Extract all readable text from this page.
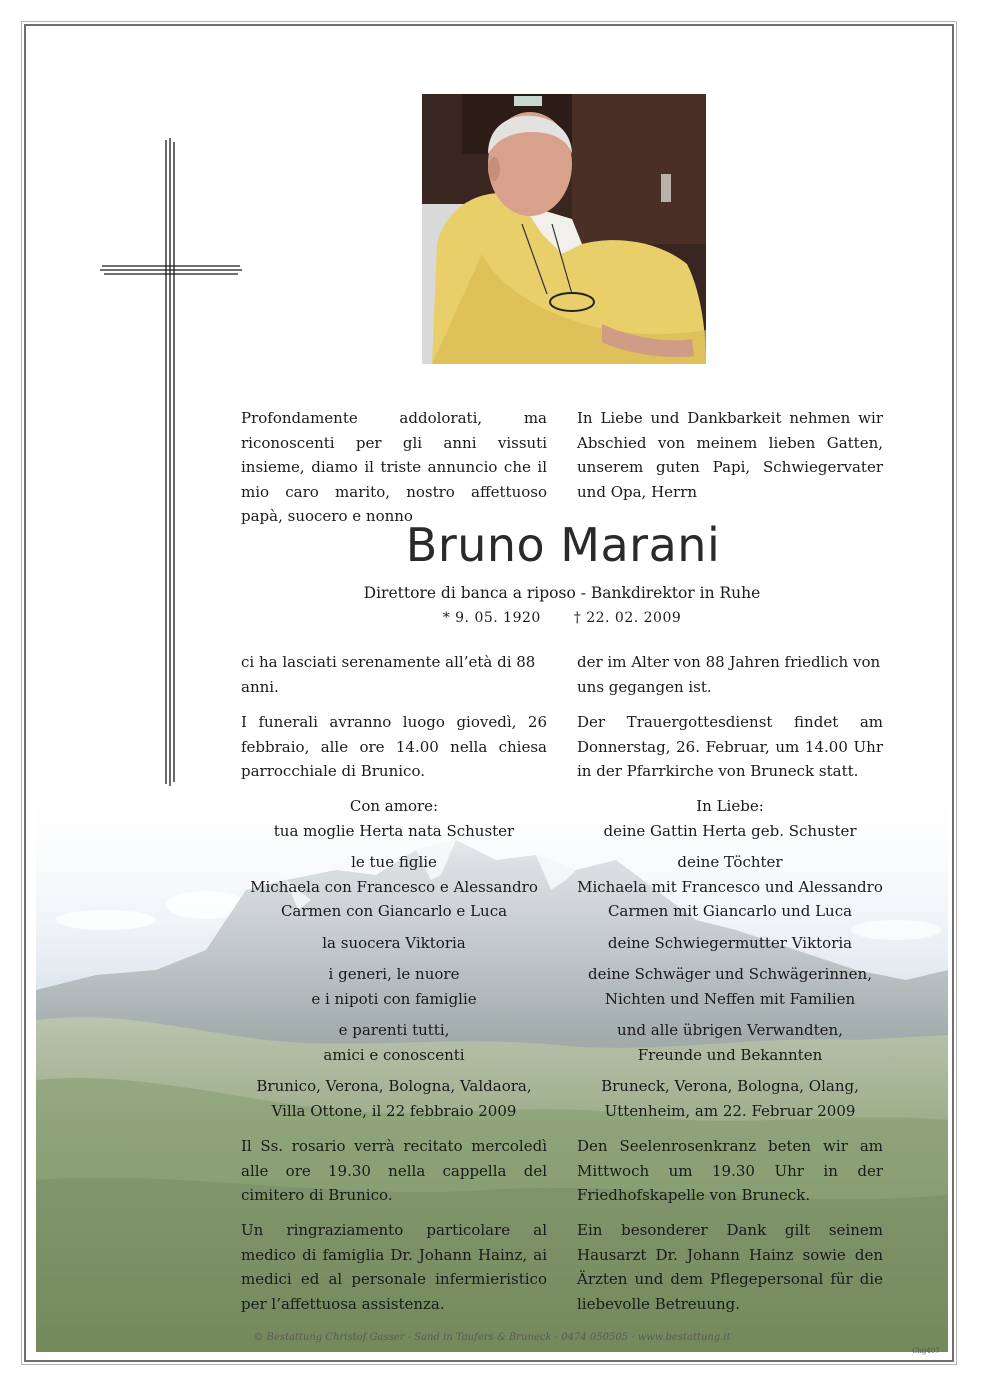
Profondamente addolorati, ma riconoscenti per gli anni vissuti insieme, diamo il triste annuncio che il mio caro marito, nostro affettuoso papà, suocero e nonno

In Liebe und Dankbarkeit nehmen wir Abschied von meinem lieben Gatten, unserem guten Papi, Schwiegervater und Opa, Herrn

Bruno Marani
Direttore di banca a riposo - Bankdirektor in Ruhe
* 9. 05. 1920 † 22. 02. 2009

ci ha lasciati serenamente all’età di 88 anni.

der im Alter von 88 Jahren friedlich von uns gegangen ist.

I funerali avranno luogo giovedì, 26 febbraio, alle ore 14.00 nella chiesa parrocchiale di Brunico.

Der Trauergottesdienst findet am Donnerstag, 26. Februar, um 14.00 Uhr in der Pfarrkirche von Bruneck statt.

Con amore:

tua moglie Herta nata Schuster

le tue figlie

Michaela con Francesco e Alessandro

Carmen con Giancarlo e Luca

la suocera Viktoria

i generi, le nuore

e i nipoti con famiglie

e parenti tutti,

amici e conoscenti

Brunico, Verona, Bologna, Valdaora,

Villa Ottone, il 22 febbraio 2009

In Liebe:

deine Gattin Herta geb. Schuster

deine Töchter

Michaela mit Francesco und Alessandro

Carmen mit Giancarlo und Luca

deine Schwiegermutter Viktoria

deine Schwäger und Schwägerinnen,

Nichten und Neffen mit Familien

und alle übrigen Verwandten,

Freunde und Bekannten

Bruneck, Verona, Bologna, Olang,

Uttenheim, am 22. Februar 2009

Il Ss. rosario verrà recitato mercoledì alle ore 19.30 nella cappella del cimitero di Brunico.

Den Seelenrosenkranz beten wir am Mittwoch um 19.30 Uhr in der Friedhofskapelle von Bruneck.

Un ringraziamento particolare al medico di famiglia Dr. Johann Hainz, ai medici ed al personale infermieristico per l’affettuosa assistenza.

Ein besonderer Dank gilt seinem Hausarzt Dr. Johann Hainz sowie den Ärzten und dem Pflegepersonal für die liebevolle Betreuung.

© Bestattung Christof Gasser - Sand in Taufers & Bruneck - 0474 050505 - www.bestattung.it
Chg407
